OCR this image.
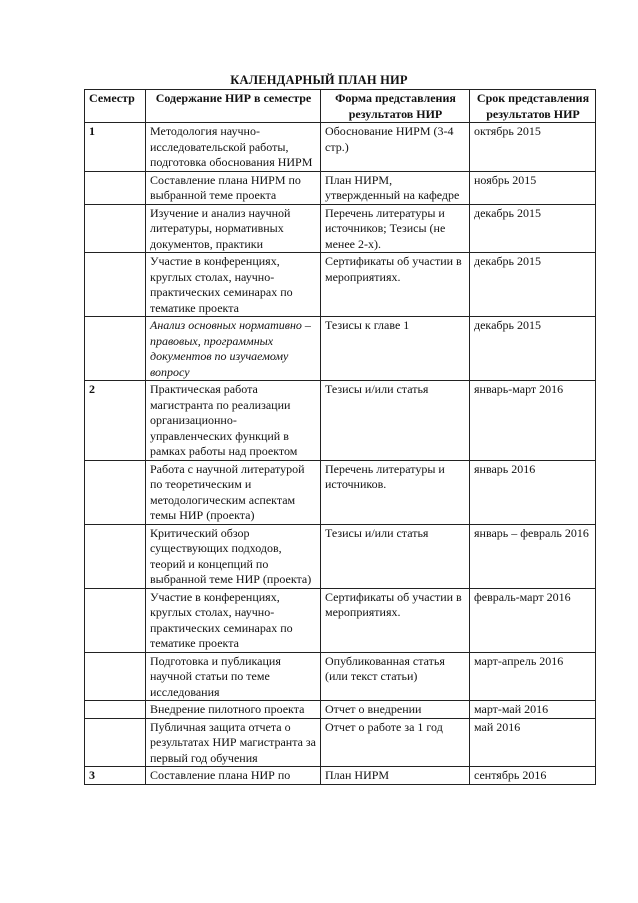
КАЛЕНДАРНЫЙ ПЛАН НИР
Семестр	Содержание НИР в семестре	Форма представления результатов НИР	Срок представления результатов НИР
1	Методология научно-исследовательской работы, подготовка обоснования НИРМ	Обоснование НИРМ (3-4 стр.)	октябрь 2015
	Составление плана НИРМ по выбранной теме проекта	План НИРМ, утвержденный на кафедре	ноябрь 2015
	Изучение и анализ научной литературы, нормативных документов, практики	Перечень литературы и источников; Тезисы (не менее 2-х).	декабрь 2015
	Участие в конференциях, круглых столах, научно-практических семинарах по тематике проекта	Сертификаты об участии в мероприятиях.	декабрь 2015
	Анализ основных нормативно – правовых, программных документов по изучаемому вопросу	Тезисы к главе 1	декабрь 2015
2	Практическая работа магистранта по реализации организационно-управленческих функций в рамках работы над проектом	Тезисы и/или статья	январь-март 2016
	Работа с научной литературой по теоретическим и методологическим аспектам темы НИР (проекта)	Перечень литературы и источников.	январь 2016
	Критический обзор существующих подходов, теорий и концепций по выбранной теме НИР (проекта)	Тезисы и/или статья	январь – февраль 2016
	Участие в конференциях, круглых столах, научно-практических семинарах по тематике проекта	Сертификаты об участии в мероприятиях.	февраль-март 2016
	Подготовка и публикация научной статьи по теме исследования	Опубликованная статья (или текст статьи)	март-апрель 2016
	Внедрение пилотного проекта	Отчет о внедрении	март-май 2016
	Публичная защита отчета о результатах НИР магистранта за первый год обучения	Отчет о работе за 1 год	май 2016
3	Составление плана НИР по	План НИРМ	сентябрь 2016
